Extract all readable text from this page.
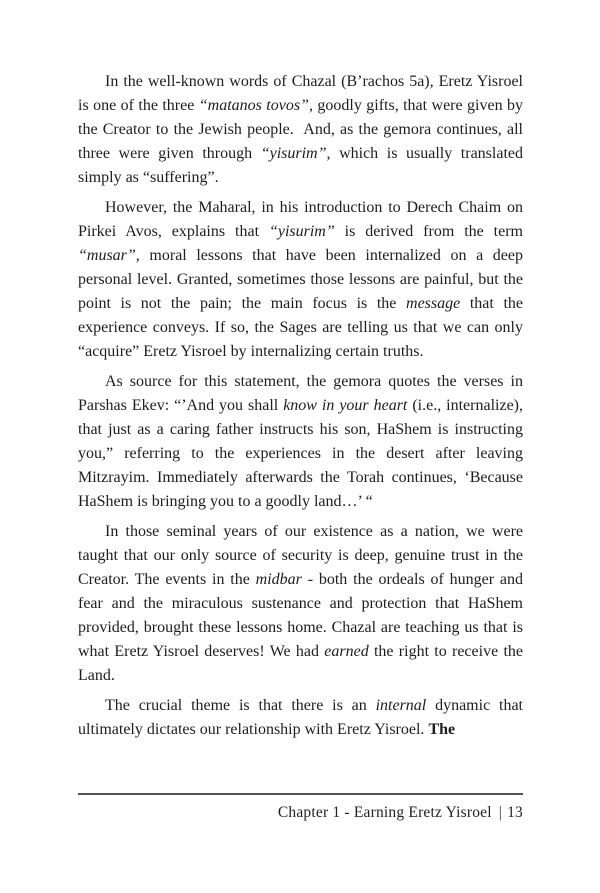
In the well-known words of Chazal (B’rachos 5a), Eretz Yisroel is one of the three “matanos tovos”, goodly gifts, that were given by the Creator to the Jewish people.  And, as the gemora continues, all three were given through “yisurim”, which is usually translated simply as “suffering”.

However, the Maharal, in his introduction to Derech Chaim on Pirkei Avos, explains that “yisurim” is derived from the term “musar”, moral lessons that have been internalized on a deep personal level. Granted, sometimes those lessons are painful, but the point is not the pain; the main focus is the message that the experience conveys. If so, the Sages are telling us that we can only “acquire” Eretz Yisroel by internalizing certain truths.

As source for this statement, the gemora quotes the verses in Parshas Ekev: “’And you shall know in your heart (i.e., internalize), that just as a caring father instructs his son, HaShem is instructing you,” referring to the experiences in the desert after leaving Mitzrayim. Immediately afterwards the Torah continues, ‘Because HaShem is bringing you to a goodly land…’ “

In those seminal years of our existence as a nation, we were taught that our only source of security is deep, genuine trust in the Creator. The events in the midbar - both the ordeals of hunger and fear and the miraculous sustenance and protection that HaShem provided, brought these lessons home. Chazal are teaching us that is what Eretz Yisroel deserves! We had earned the right to receive the Land.

The crucial theme is that there is an internal dynamic that ultimately dictates our relationship with Eretz Yisroel. The

Chapter 1 - Earning Eretz Yisroel | 13
